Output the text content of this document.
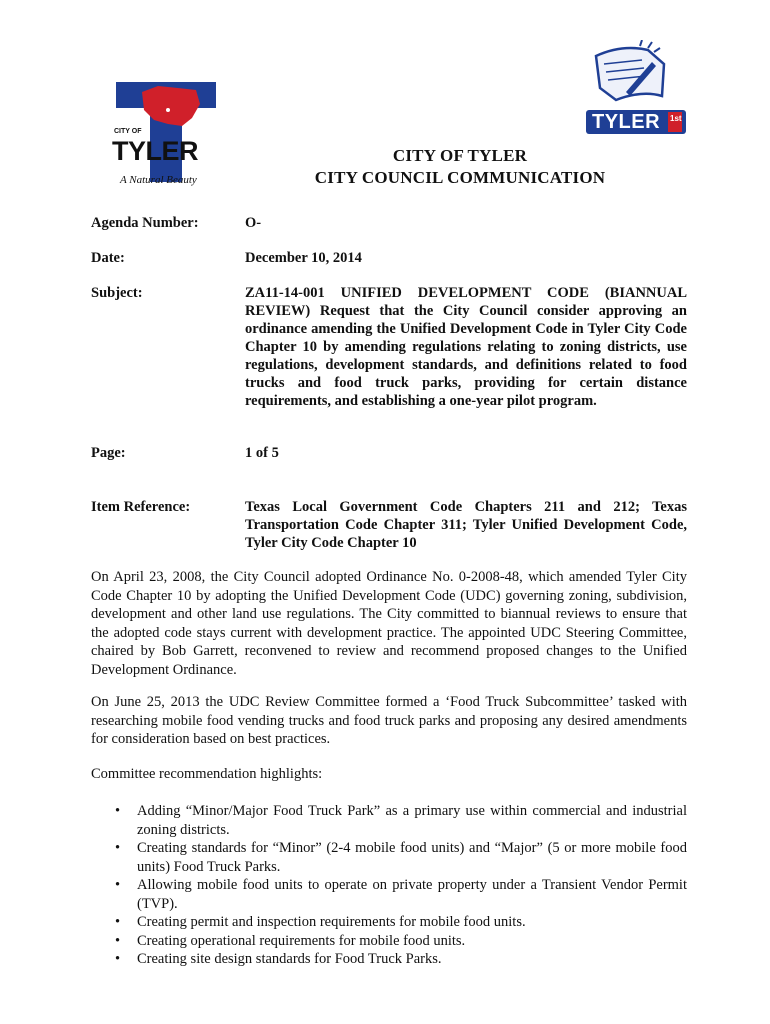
CITY OF
TYLER
A Natural Beauty
TYLER 1st
CITY OF TYLER
CITY COUNCIL COMMUNICATION
Agenda Number:	O-
Date:	December 10, 2014
Subject:	ZA11-14-001 UNIFIED DEVELOPMENT CODE (BIANNUAL REVIEW) Request that the City Council consider approving an ordinance amending the Unified Development Code in Tyler City Code Chapter 10 by amending regulations relating to zoning districts, use regulations, development standards, and definitions related to food trucks and food truck parks, providing for certain distance requirements, and establishing a one-year pilot program.
Page:	1 of 5
Item Reference:	Texas Local Government Code Chapters 211 and 212; Texas Transportation Code Chapter 311; Tyler Unified Development Code, Tyler City Code Chapter 10

On April 23, 2008, the City Council adopted Ordinance No. 0-2008-48, which amended Tyler City Code Chapter 10 by adopting the Unified Development Code (UDC) governing zoning, subdivision, development and other land use regulations. The City committed to biannual reviews to ensure that the adopted code stays current with development practice. The appointed UDC Steering Committee, chaired by Bob Garrett, reconvened to review and recommend proposed changes to the Unified Development Ordinance.

On June 25, 2013 the UDC Review Committee formed a ‘Food Truck Subcommittee’ tasked with researching mobile food vending trucks and food truck parks and proposing any desired amendments for consideration based on best practices.

Committee recommendation highlights:

• Adding “Minor/Major Food Truck Park” as a primary use within commercial and industrial zoning districts.
• Creating standards for “Minor” (2-4 mobile food units) and “Major” (5 or more mobile food units) Food Truck Parks.
• Allowing mobile food units to operate on private property under a Transient Vendor Permit (TVP).
• Creating permit and inspection requirements for mobile food units.
• Creating operational requirements for mobile food units.
• Creating site design standards for Food Truck Parks.
